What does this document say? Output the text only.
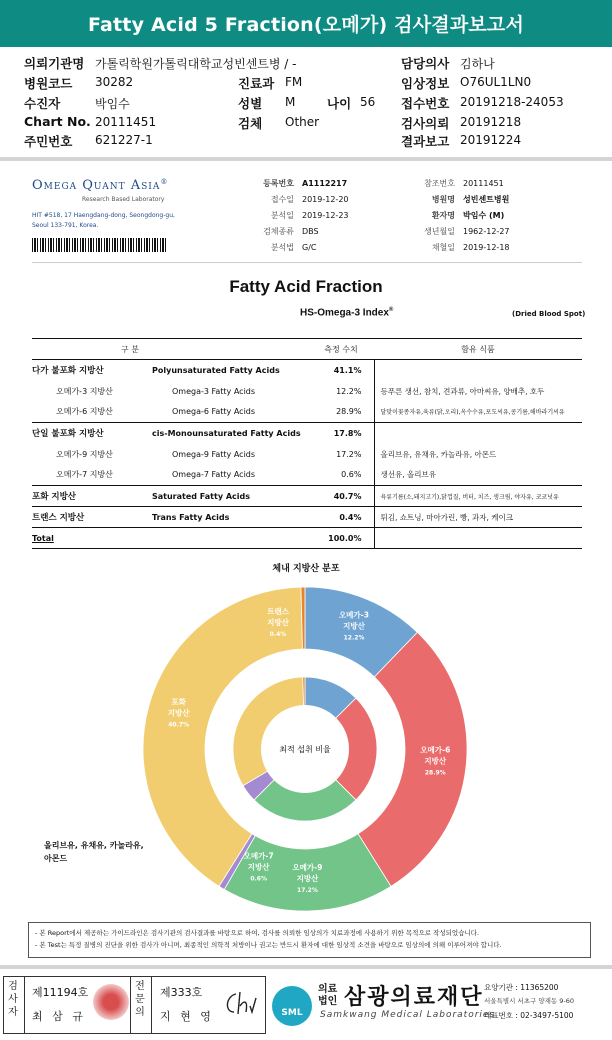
Fatty Acid 5 Fraction(오메가) 검사결과보고서
의뢰기관명 가톨릭학원가톨릭대학교성빈센트병 / -
병원코드 30282
수진자	박임수
Chart No. 20111451
주민번호 621227-1
진료과 FM
성별 M	나이 56
검체 Other
담당의사 김하나
임상정보 O76UL1LN0
접수번호 20191218-24053
검사의뢰 20191218
결과보고 20191224
Omega Quant Asia®
Research Based Laboratory
HIT #518, 17 Haengdang-dong, Seongdong-gu,
Seoul 133-791, Korea.
등록번호 A1112217
접수일 2019-12-20
분석일 2019-12-23
검체종류 DBS
분석법 G/C
참조번호 20111451
병원명 성빈센트병원
환자명 박임수 (M)
생년월일 1962-12-27
채혈일 2019-12-18
Fatty Acid Fraction
HS-Omega-3 Index®	(Dried Blood Spot)
구 분		측정 수치	함유 식품
다가 불포화 지방산	Polyunsaturated Fatty Acids	41.1%	
오메가-3 지방산	Omega-3 Fatty Acids	12.2%	등푸른 생선, 참치, 견과류, 아마씨유, 양배추, 호두
오메가-6 지방산	Omega-6 Fatty Acids	28.9%	달맞이꽃종자유,육류(닭,오리),옥수수유,포도씨유,콩기름,해바라기씨유
단일 불포화 지방산	cis-Monounsaturated Fatty Acids	17.8%	
오메가-9 지방산	Omega-9 Fatty Acids	17.2%	올리브유, 유채유, 카놀라유, 아몬드
오메가-7 지방산	Omega-7 Fatty Acids	0.6%	생선유, 올리브유
포화 지방산	Saturated Fatty Acids	40.7%	육류기름(소,돼지고기),닭껍질, 버터, 치즈, 생크림, 야자유, 코코넛유
트랜스 지방산	Trans Fatty Acids	0.4%	튀김, 쇼트닝, 마아가린, 빵, 과자, 케이크
Total		100.0%	
체내 지방산 분포
최적 섭취 비율
오메가-3
지방산
12.2%
오메가-6
지방산
28.9%
오메가-9
지방산
17.2%
오메가-7
지방산
0.6%
포화
지방산
40.7%
트랜스
지방산
0.4%
올리브유, 유채유, 카놀라유, 아몬드
- 본 Report에서 제공하는 가이드라인은 검사기관의 검사결과를 바탕으로 하여, 검사를 의뢰한 임상의가 치료과정에 사용하기 위한 목적으로 작성되었습니다.
- 본 Test는 특정 질병의 진단을 위한 검사가 아니며, 최종적인 의학적 처방이나 권고는 반드시 환자에 대한 임상적 소견을 바탕으로 임상의에 의해 이루어져야 합니다.
검사자
제11194호
최 삼 규
전문의
제333호
지 현 영	SML
의료
법인 삼광의료재단
Samkwang Medical Laboratories
요양기관 : 11365200
서울특별시 서초구 양재동 9-60
대표번호 : 02-3497-5100
